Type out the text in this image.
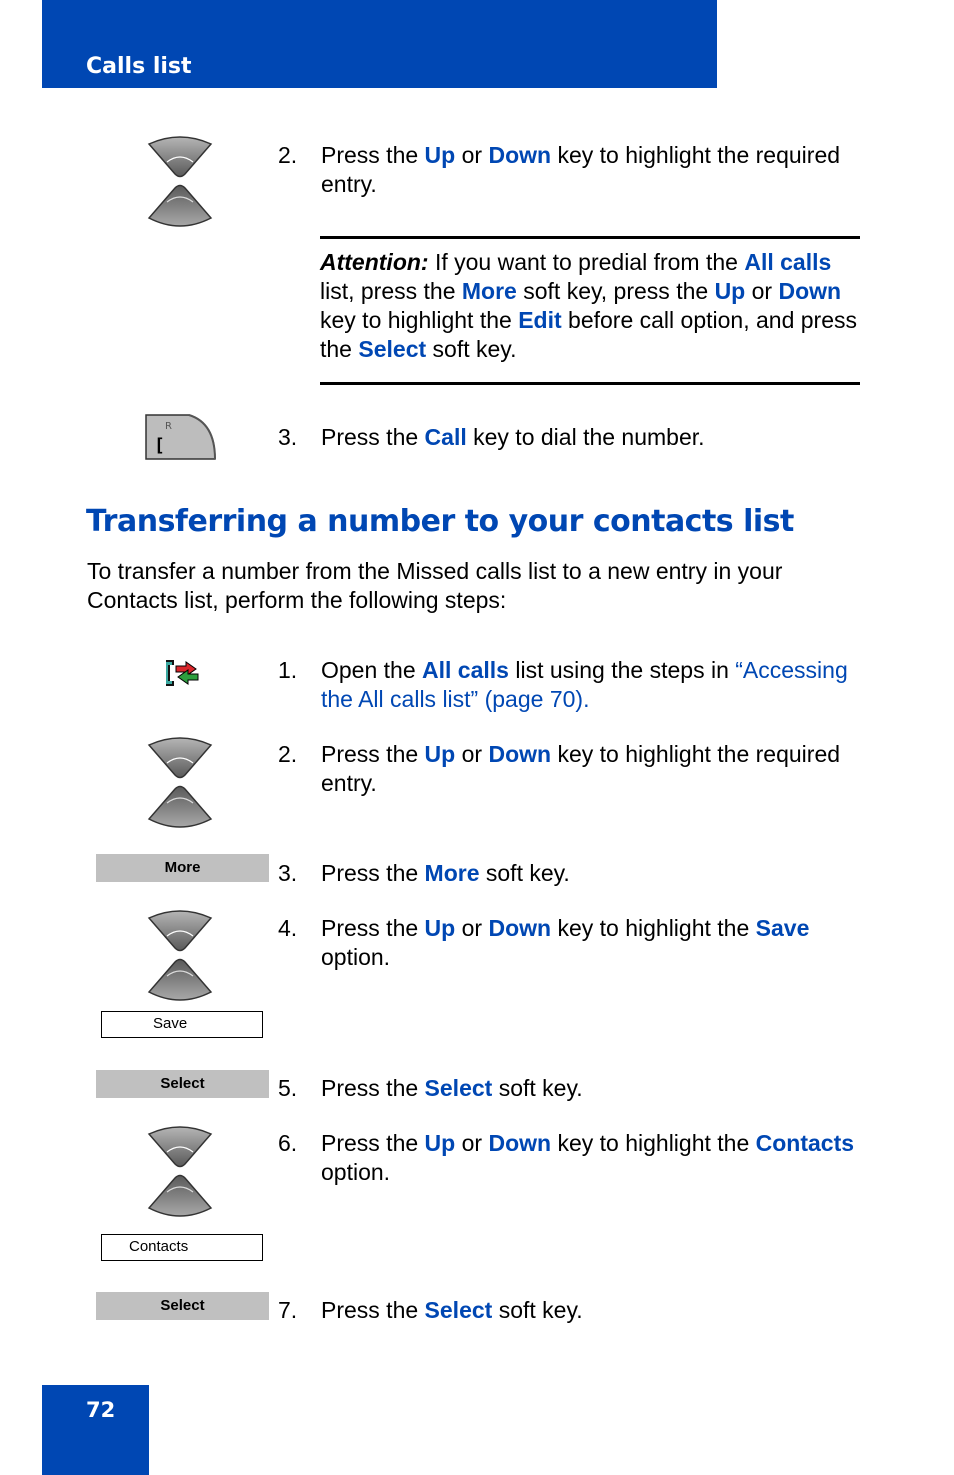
Calls list
2. Press the Up or Down key to highlight the required entry.
Attention: If you want to predial from the All calls list, press the More soft key, press the Up or Down key to highlight the Edit before call option, and press the Select soft key.
R
[	3. Press the Call key to dial the number.
Transferring a number to your contacts list
To transfer a number from the Missed calls list to a new entry in your Contacts list, perform the following steps:
1. Open the All calls list using the steps in “Accessing the All calls list” (page 70).
2. Press the Up or Down key to highlight the required entry.
More	3. Press the More soft key.
Save
4. Press the Up or Down key to highlight the Save option.
Select	5. Press the Select soft key.
Contacts
6. Press the Up or Down key to highlight the Contacts option.
Select	7. Press the Select soft key.
72
